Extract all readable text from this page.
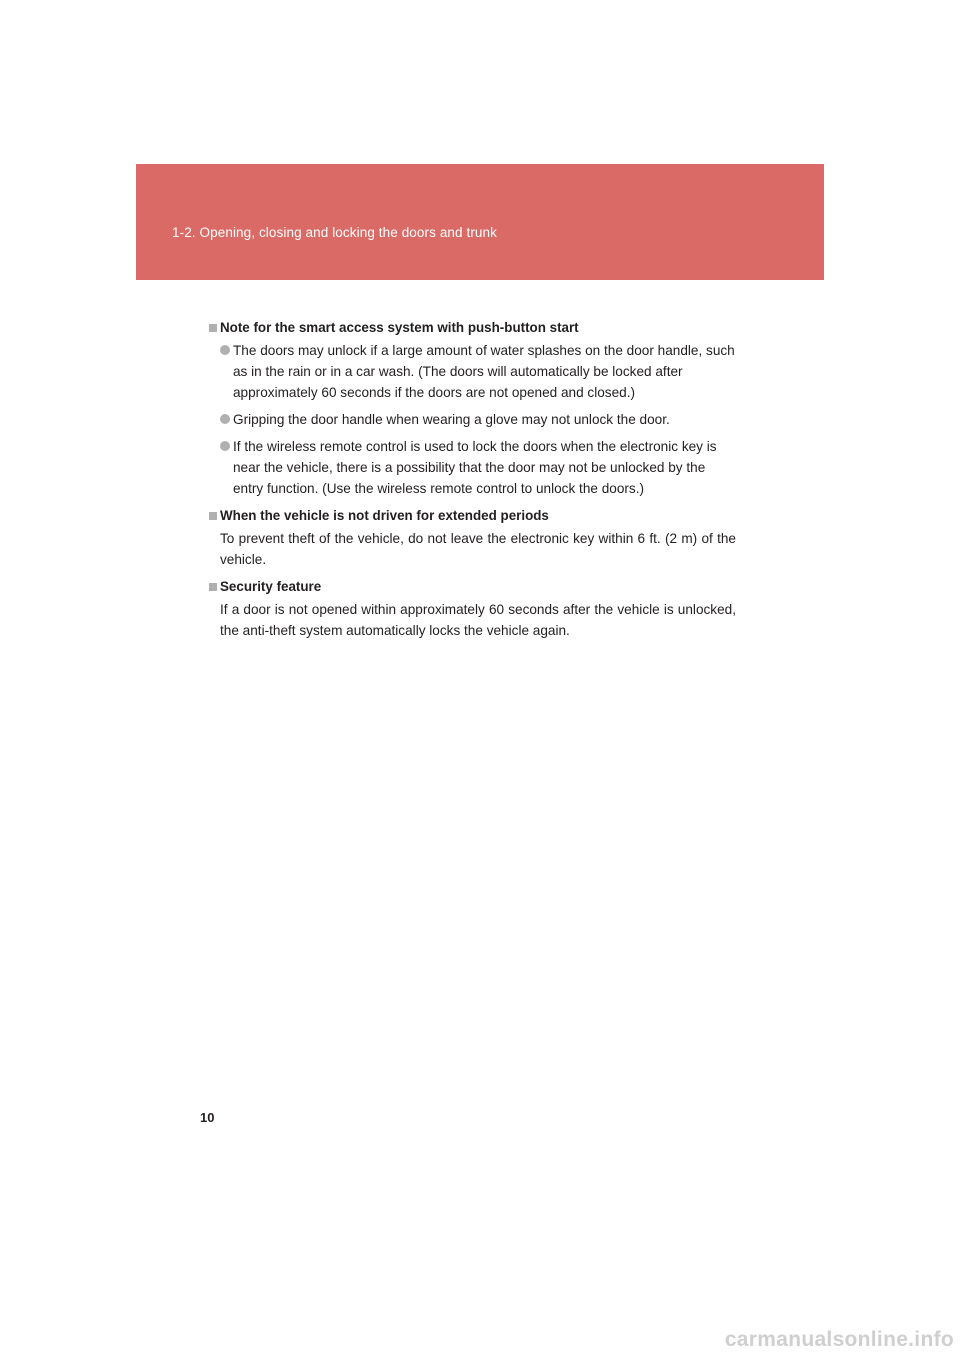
1-2. Opening, closing and locking the doors and trunk
Note for the smart access system with push-button start
The doors may unlock if a large amount of water splashes on the door handle, such as in the rain or in a car wash. (The doors will automatically be locked after approximately 60 seconds if the doors are not opened and closed.)
Gripping the door handle when wearing a glove may not unlock the door.
If the wireless remote control is used to lock the doors when the electronic key is near the vehicle, there is a possibility that the door may not be unlocked by the entry function. (Use the wireless remote control to unlock the doors.)
When the vehicle is not driven for extended periods
To prevent theft of the vehicle, do not leave the electronic key within 6 ft. (2 m) of the vehicle.
Security feature
If a door is not opened within approximately 60 seconds after the vehicle is unlocked, the anti-theft system automatically locks the vehicle again.
10
carmanualsonline.info
